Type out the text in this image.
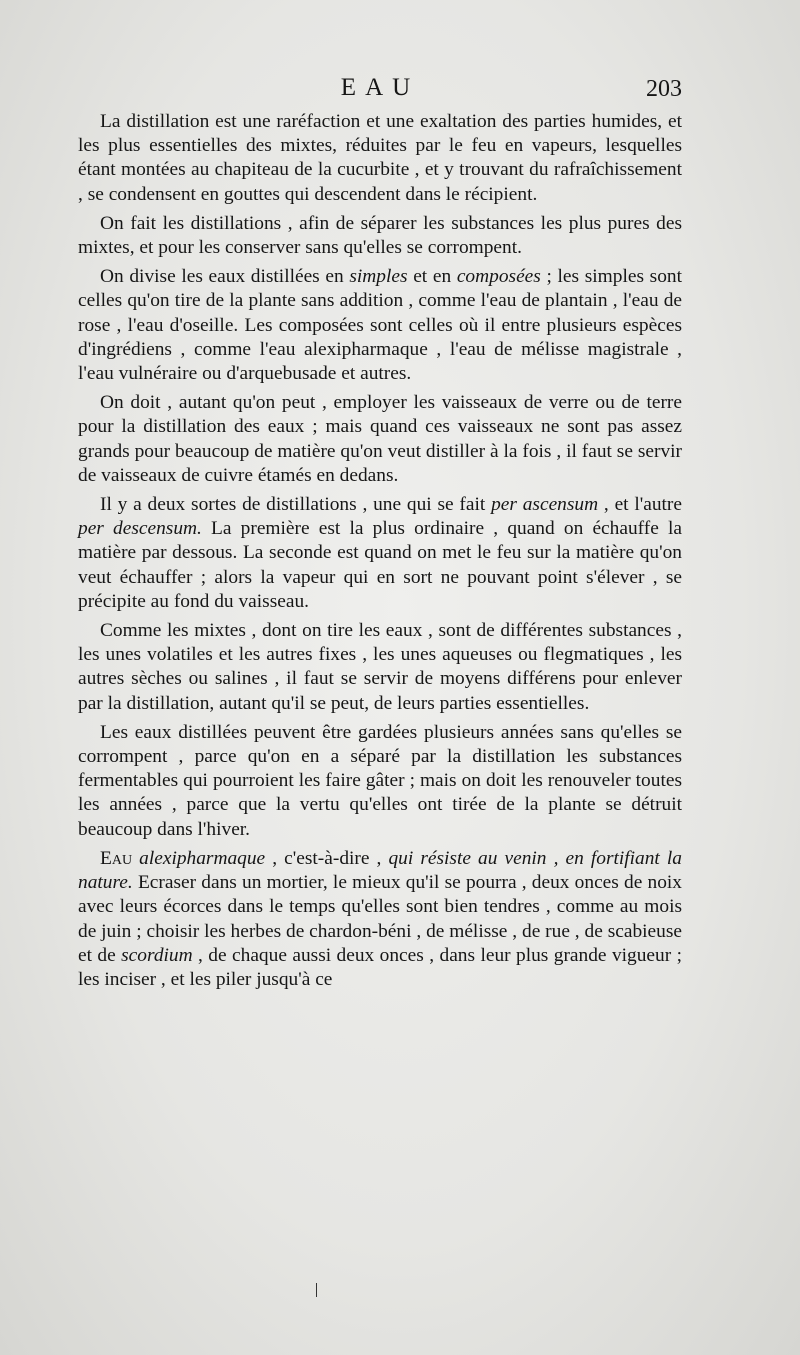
EAU	203

La distillation est une raréfaction et une exaltation des parties humides, et les plus essentielles des mixtes, réduites par le feu en vapeurs, lesquelles étant montées au chapiteau de la cucurbite , et y trouvant du rafraîchissement , se condensent en gouttes qui descendent dans le récipient.

On fait les distillations , afin de séparer les substances les plus pures des mixtes, et pour les conserver sans qu'elles se corrompent.

On divise les eaux distillées en simples et en composées ; les simples sont celles qu'on tire de la plante sans addition , comme l'eau de plantain , l'eau de rose , l'eau d'oseille. Les composées sont celles où il entre plusieurs espèces d'ingrédiens , comme l'eau alexipharmaque , l'eau de mélisse magistrale , l'eau vulnéraire ou d'arquebusade et autres.

On doit , autant qu'on peut , employer les vaisseaux de verre ou de terre pour la distillation des eaux ; mais quand ces vaisseaux ne sont pas assez grands pour beaucoup de matière qu'on veut distiller à la fois , il faut se servir de vaisseaux de cuivre étamés en dedans.

Il y a deux sortes de distillations , une qui se fait per ascensum , et l'autre per descensum. La première est la plus ordinaire , quand on échauffe la matière par dessous. La seconde est quand on met le feu sur la matière qu'on veut échauffer ; alors la vapeur qui en sort ne pouvant point s'élever , se précipite au fond du vaisseau.

Comme les mixtes , dont on tire les eaux , sont de différentes substances , les unes volatiles et les autres fixes , les unes aqueuses ou flegmatiques , les autres sèches ou salines , il faut se servir de moyens différens pour enlever par la distillation, autant qu'il se peut, de leurs parties essentielles.

Les eaux distillées peuvent être gardées plusieurs années sans qu'elles se corrompent , parce qu'on en a séparé par la distillation les substances fermentables qui pourroient les faire gâter ; mais on doit les renouveler toutes les années , parce que la vertu qu'elles ont tirée de la plante se détruit beaucoup dans l'hiver.

Eau alexipharmaque , c'est-à-dire , qui résiste au venin , en fortifiant la nature. Ecraser dans un mortier, le mieux qu'il se pourra , deux onces de noix avec leurs écorces dans le temps qu'elles sont bien tendres , comme au mois de juin ; choisir les herbes de chardon-béni , de mélisse , de rue , de scabieuse et de scordium , de chaque aussi deux onces , dans leur plus grande vigueur ; les inciser , et les piler jusqu'à ce
